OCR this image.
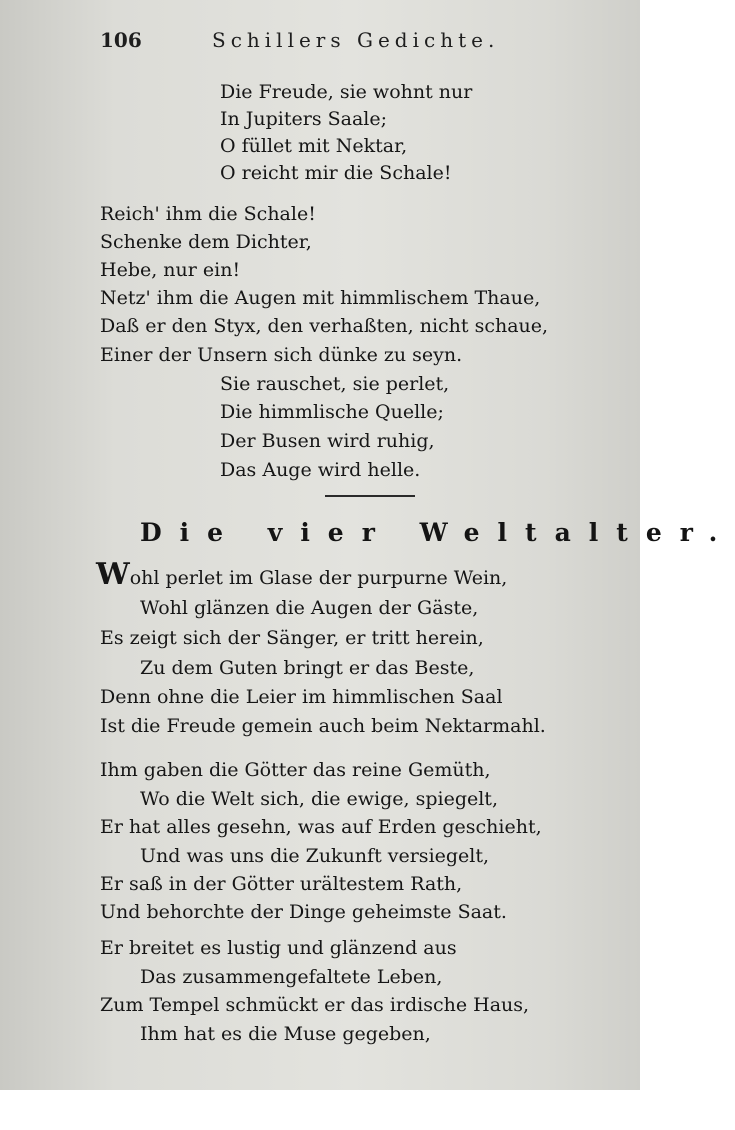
106	Schillers Gedichte.
Die Freude, sie wohnt nur
In Jupiters Saale;
O füllet mit Nektar,
O reicht mir die Schale!
Reich' ihm die Schale!
Schenke dem Dichter,
Hebe, nur ein!
Netz' ihm die Augen mit himmlischem Thaue,
Daß er den Styx, den verhaßten, nicht schaue,
Einer der Unsern sich dünke zu seyn.
Sie rauschet, sie perlet,
Die himmlische Quelle;
Der Busen wird ruhig,
Das Auge wird helle.
Die vier Weltalter.
Wohl perlet im Glase der purpurne Wein,
Wohl glänzen die Augen der Gäste,
Es zeigt sich der Sänger, er tritt herein,
Zu dem Guten bringt er das Beste,
Denn ohne die Leier im himmlischen Saal
Ist die Freude gemein auch beim Nektarmahl.
Ihm gaben die Götter das reine Gemüth,
Wo die Welt sich, die ewige, spiegelt,
Er hat alles gesehn, was auf Erden geschieht,
Und was uns die Zukunft versiegelt,
Er saß in der Götter urältestem Rath,
Und behorchte der Dinge geheimste Saat.
Er breitet es lustig und glänzend aus
Das zusammengefaltete Leben,
Zum Tempel schmückt er das irdische Haus,
Ihm hat es die Muse gegeben,
